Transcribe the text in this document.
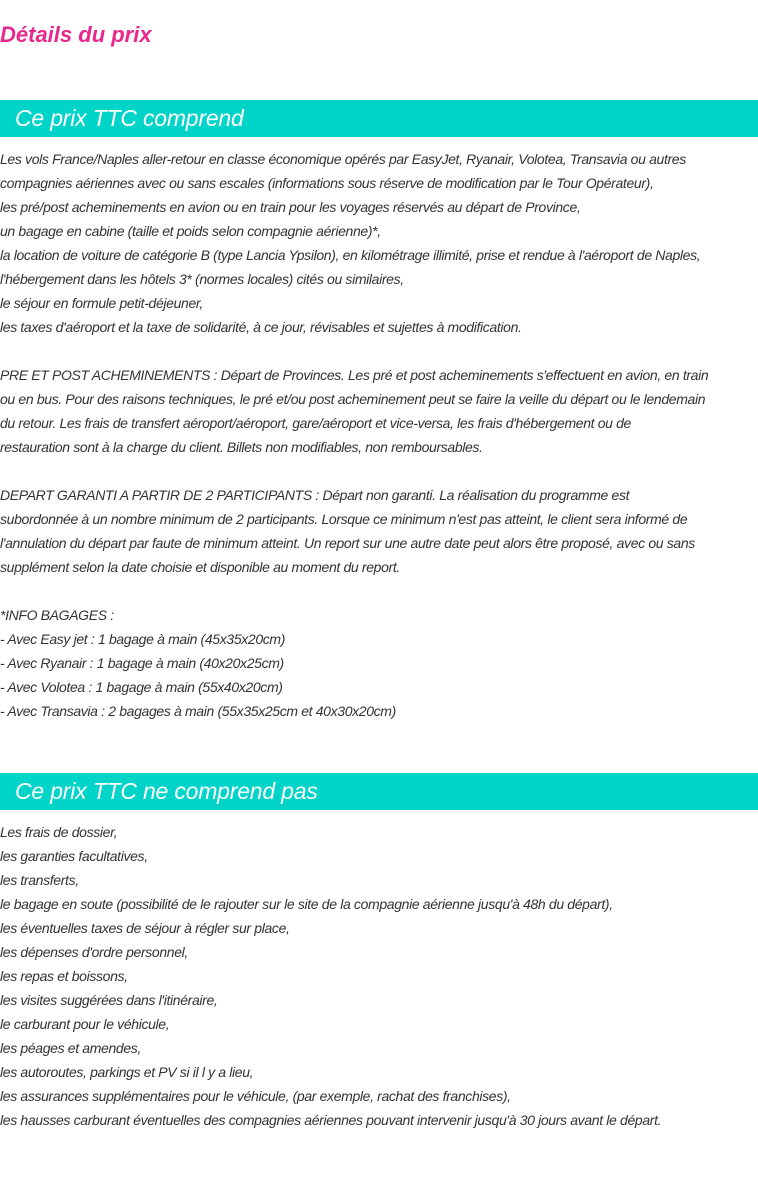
Détails du prix
Ce prix TTC comprend
Les vols France/Naples aller-retour en classe économique opérés par EasyJet, Ryanair, Volotea, Transavia ou autres
compagnies aériennes avec ou sans escales (informations sous réserve de modification par le Tour Opérateur),
les pré/post acheminements en avion ou en train pour les voyages réservés au départ de Province,
un bagage en cabine (taille et poids selon compagnie aérienne)*,
la location de voiture de catégorie B (type Lancia Ypsilon), en kilométrage illimité, prise et rendue à l'aéroport de Naples,
l'hébergement dans les hôtels 3* (normes locales) cités ou similaires,
le séjour en formule petit-déjeuner,
les taxes d'aéroport et la taxe de solidarité, à ce jour, révisables et sujettes à modification.
PRE ET POST ACHEMINEMENTS : Départ de Provinces. Les pré et post acheminements s'effectuent en avion, en train
ou en bus. Pour des raisons techniques, le pré et/ou post acheminement peut se faire la veille du départ ou le lendemain
du retour. Les frais de transfert aéroport/aéroport, gare/aéroport et vice-versa, les frais d'hébergement ou de
restauration sont à la charge du client. Billets non modifiables, non remboursables.
DEPART GARANTI A PARTIR DE 2 PARTICIPANTS : Départ non garanti. La réalisation du programme est
subordonnée à un nombre minimum de 2 participants. Lorsque ce minimum n'est pas atteint, le client sera informé de
l'annulation du départ par faute de minimum atteint. Un report sur une autre date peut alors être proposé, avec ou sans
supplément selon la date choisie et disponible au moment du report.
*INFO BAGAGES :
- Avec Easy jet : 1 bagage à main (45x35x20cm)
- Avec Ryanair : 1 bagage à main (40x20x25cm)
- Avec Volotea : 1 bagage à main (55x40x20cm)
- Avec Transavia : 2 bagages à main (55x35x25cm et 40x30x20cm)
Ce prix TTC ne comprend pas
Les frais de dossier,
les garanties facultatives,
les transferts,
le bagage en soute (possibilité de le rajouter sur le site de la compagnie aérienne jusqu'à 48h du départ),
les éventuelles taxes de séjour à régler sur place,
les dépenses d'ordre personnel,
les repas et boissons,
les visites suggérées dans l'itinéraire,
le carburant pour le véhicule,
les péages et amendes,
les autoroutes, parkings et PV si il l y a lieu,
les assurances supplémentaires pour le véhicule, (par exemple, rachat des franchises),
les hausses carburant éventuelles des compagnies aériennes pouvant intervenir jusqu'à 30 jours avant le départ.
